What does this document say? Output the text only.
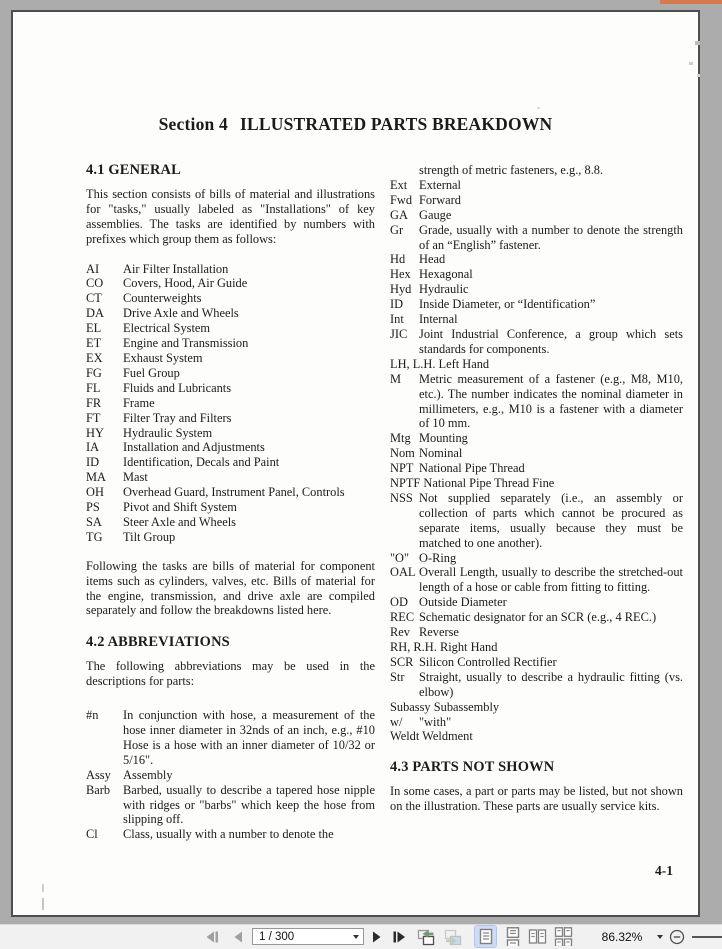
Section 4 ILLUSTRATED PARTS BREAKDOWN
4.1 GENERAL

This section consists of bills of material and illustrations for "tasks," usually labeled as "Installations" of key assemblies. The tasks are identified by numbers with prefixes which group them as follows:

AI Air Filter Installation
CO Covers, Hood, Air Guide
CT Counterweights
DA Drive Axle and Wheels
EL Electrical System
ET Engine and Transmission
EX Exhaust System
FG Fuel Group
FL Fluids and Lubricants
FR Frame
FT Filter Tray and Filters
HY Hydraulic System
IA Installation and Adjustments
ID Identification, Decals and Paint
MA Mast
OH Overhead Guard, Instrument Panel, Controls
PS Pivot and Shift System
SA Steer Axle and Wheels
TG Tilt Group

Following the tasks are bills of material for component items such as cylinders, valves, etc. Bills of material for the engine, transmission, and drive axle are compiled separately and follow the breakdowns listed here.

4.2 ABBREVIATIONS

The following abbreviations may be used in the descriptions for parts:

#n In conjunction with hose, a measurement of the hose inner diameter in 32nds of an inch, e.g., #10 Hose is a hose with an inner diameter of 10/32 or 5/16".
Assy Assembly
Barb Barbed, usually to describe a tapered hose nipple with ridges or "barbs" which keep the hose from slipping off.
Cl Class, usually with a number to denote the
strength of metric fasteners, e.g., 8.8.
Ext External
Fwd Forward
GA Gauge
Gr Grade, usually with a number to denote the strength of an “English” fastener.
Hd Head
Hex Hexagonal
Hyd Hydraulic
ID Inside Diameter, or “Identification”
Int Internal
JIC Joint Industrial Conference, a group which sets standards for components.
LH, L.H. Left Hand
M Metric measurement of a fastener (e.g., M8, M10, etc.). The number indicates the nominal diameter in millimeters, e.g., M10 is a fastener with a diameter of 10 mm.
Mtg Mounting
Nom Nominal
NPT National Pipe Thread
NPTF National Pipe Thread Fine
NSS Not supplied separately (i.e., an assembly or collection of parts which cannot be procured as separate items, usually because they must be matched to one another).
"O" O-Ring
OAL Overall Length, usually to describe the stretched-out length of a hose or cable from fitting to fitting.
OD Outside Diameter
REC Schematic designator for an SCR (e.g., 4 REC.)
Rev Reverse
RH, R.H. Right Hand
SCR Silicon Controlled Rectifier
Str Straight, usually to describe a hydraulic fitting (vs. elbow)
Subassy Subassembly
w/ "with"
Weldt Weldment
4.3 PARTS NOT SHOWN

In some cases, a part or parts may be listed, but not shown on the illustration. These parts are usually service kits.

4-1
1 / 300	86.32%
